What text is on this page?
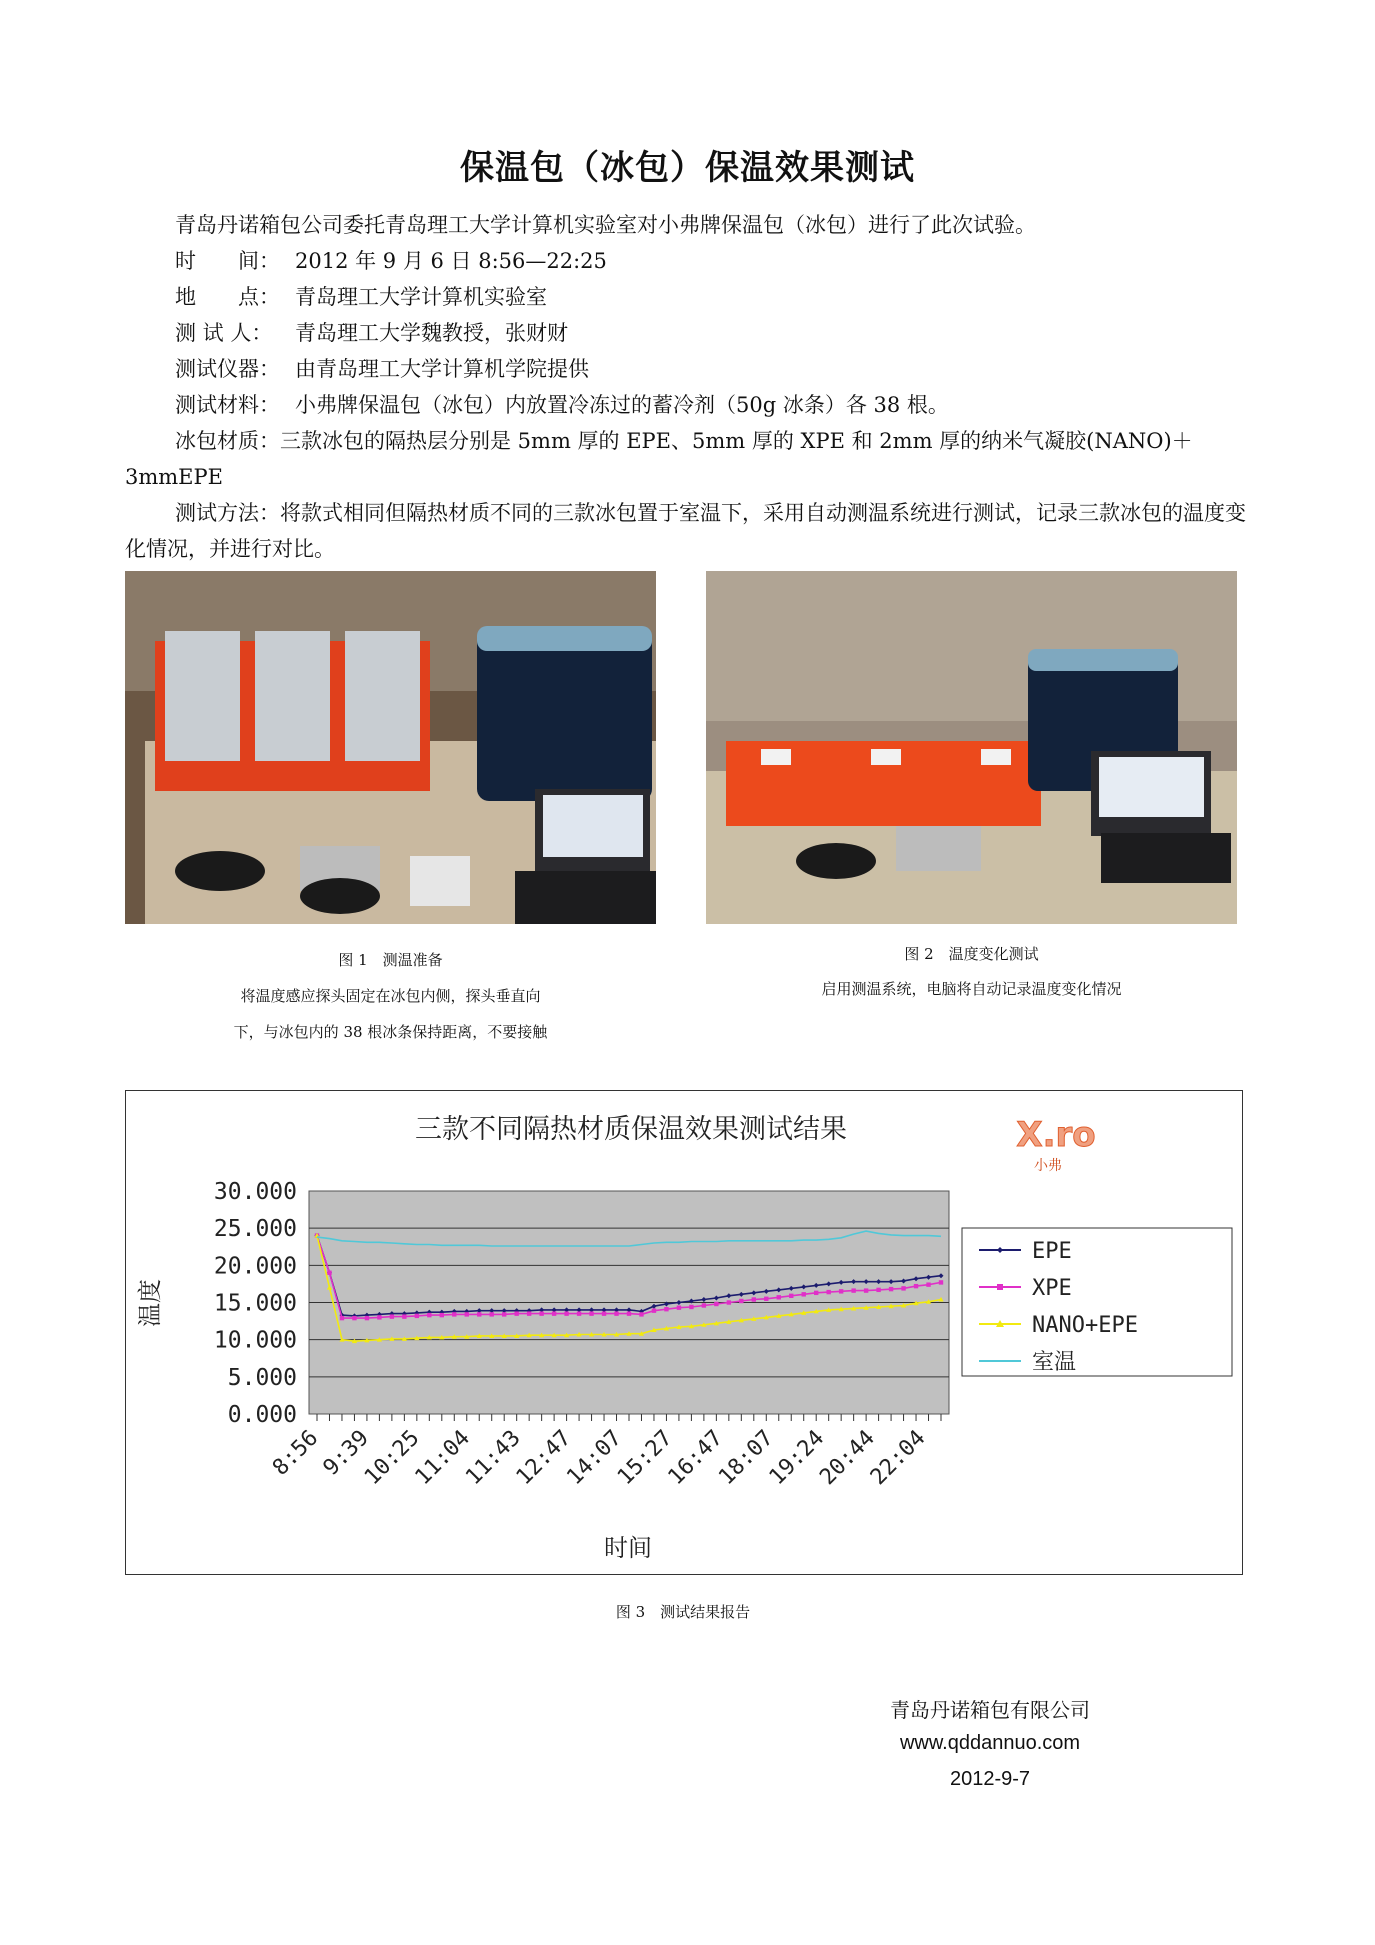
保温包（冰包）保温效果测试
青岛丹诺箱包公司委托青岛理工大学计算机实验室对小弗牌保温包（冰包）进行了此次试验。
时　　间： 2012 年 9 月 6 日 8:56—22:25
地　　点： 青岛理工大学计算机实验室
测 试 人： 青岛理工大学魏教授，张财财
测试仪器： 由青岛理工大学计算机学院提供
测试材料： 小弗牌保温包（冰包）内放置冷冻过的蓄冷剂（50g 冰条）各 38 根。
冰包材质：三款冰包的隔热层分别是 5mm 厚的 EPE、5mm 厚的 XPE 和 2mm 厚的纳米气凝胶(NANO)＋3mmEPE
测试方法：将款式相同但隔热材质不同的三款冰包置于室温下，采用自动测温系统进行测试，记录三款冰包的温度变化情况，并进行对比。
图 1　测温准备
将温度感应探头固定在冰包内侧，探头垂直向
下，与冰包内的 38 根冰条保持距离，不要接触
图 2　温度变化测试
启用测温系统，电脑将自动记录温度变化情况
三款不同隔热材质保温效果测试结果	X.ro
小弗
30.000
25.000
20.000
15.000
10.000
5.000
0.000
8:56
9:39
10:25
11:04
11:43
12:47
14:07
15:27
16:47
18:07
19:24
20:44
22:04
温度
时间
EPE
XPE
NANO+EPE
室温
图 3　测试结果报告
青岛丹诺箱包有限公司
www.qddannuo.com
2012-9-7
